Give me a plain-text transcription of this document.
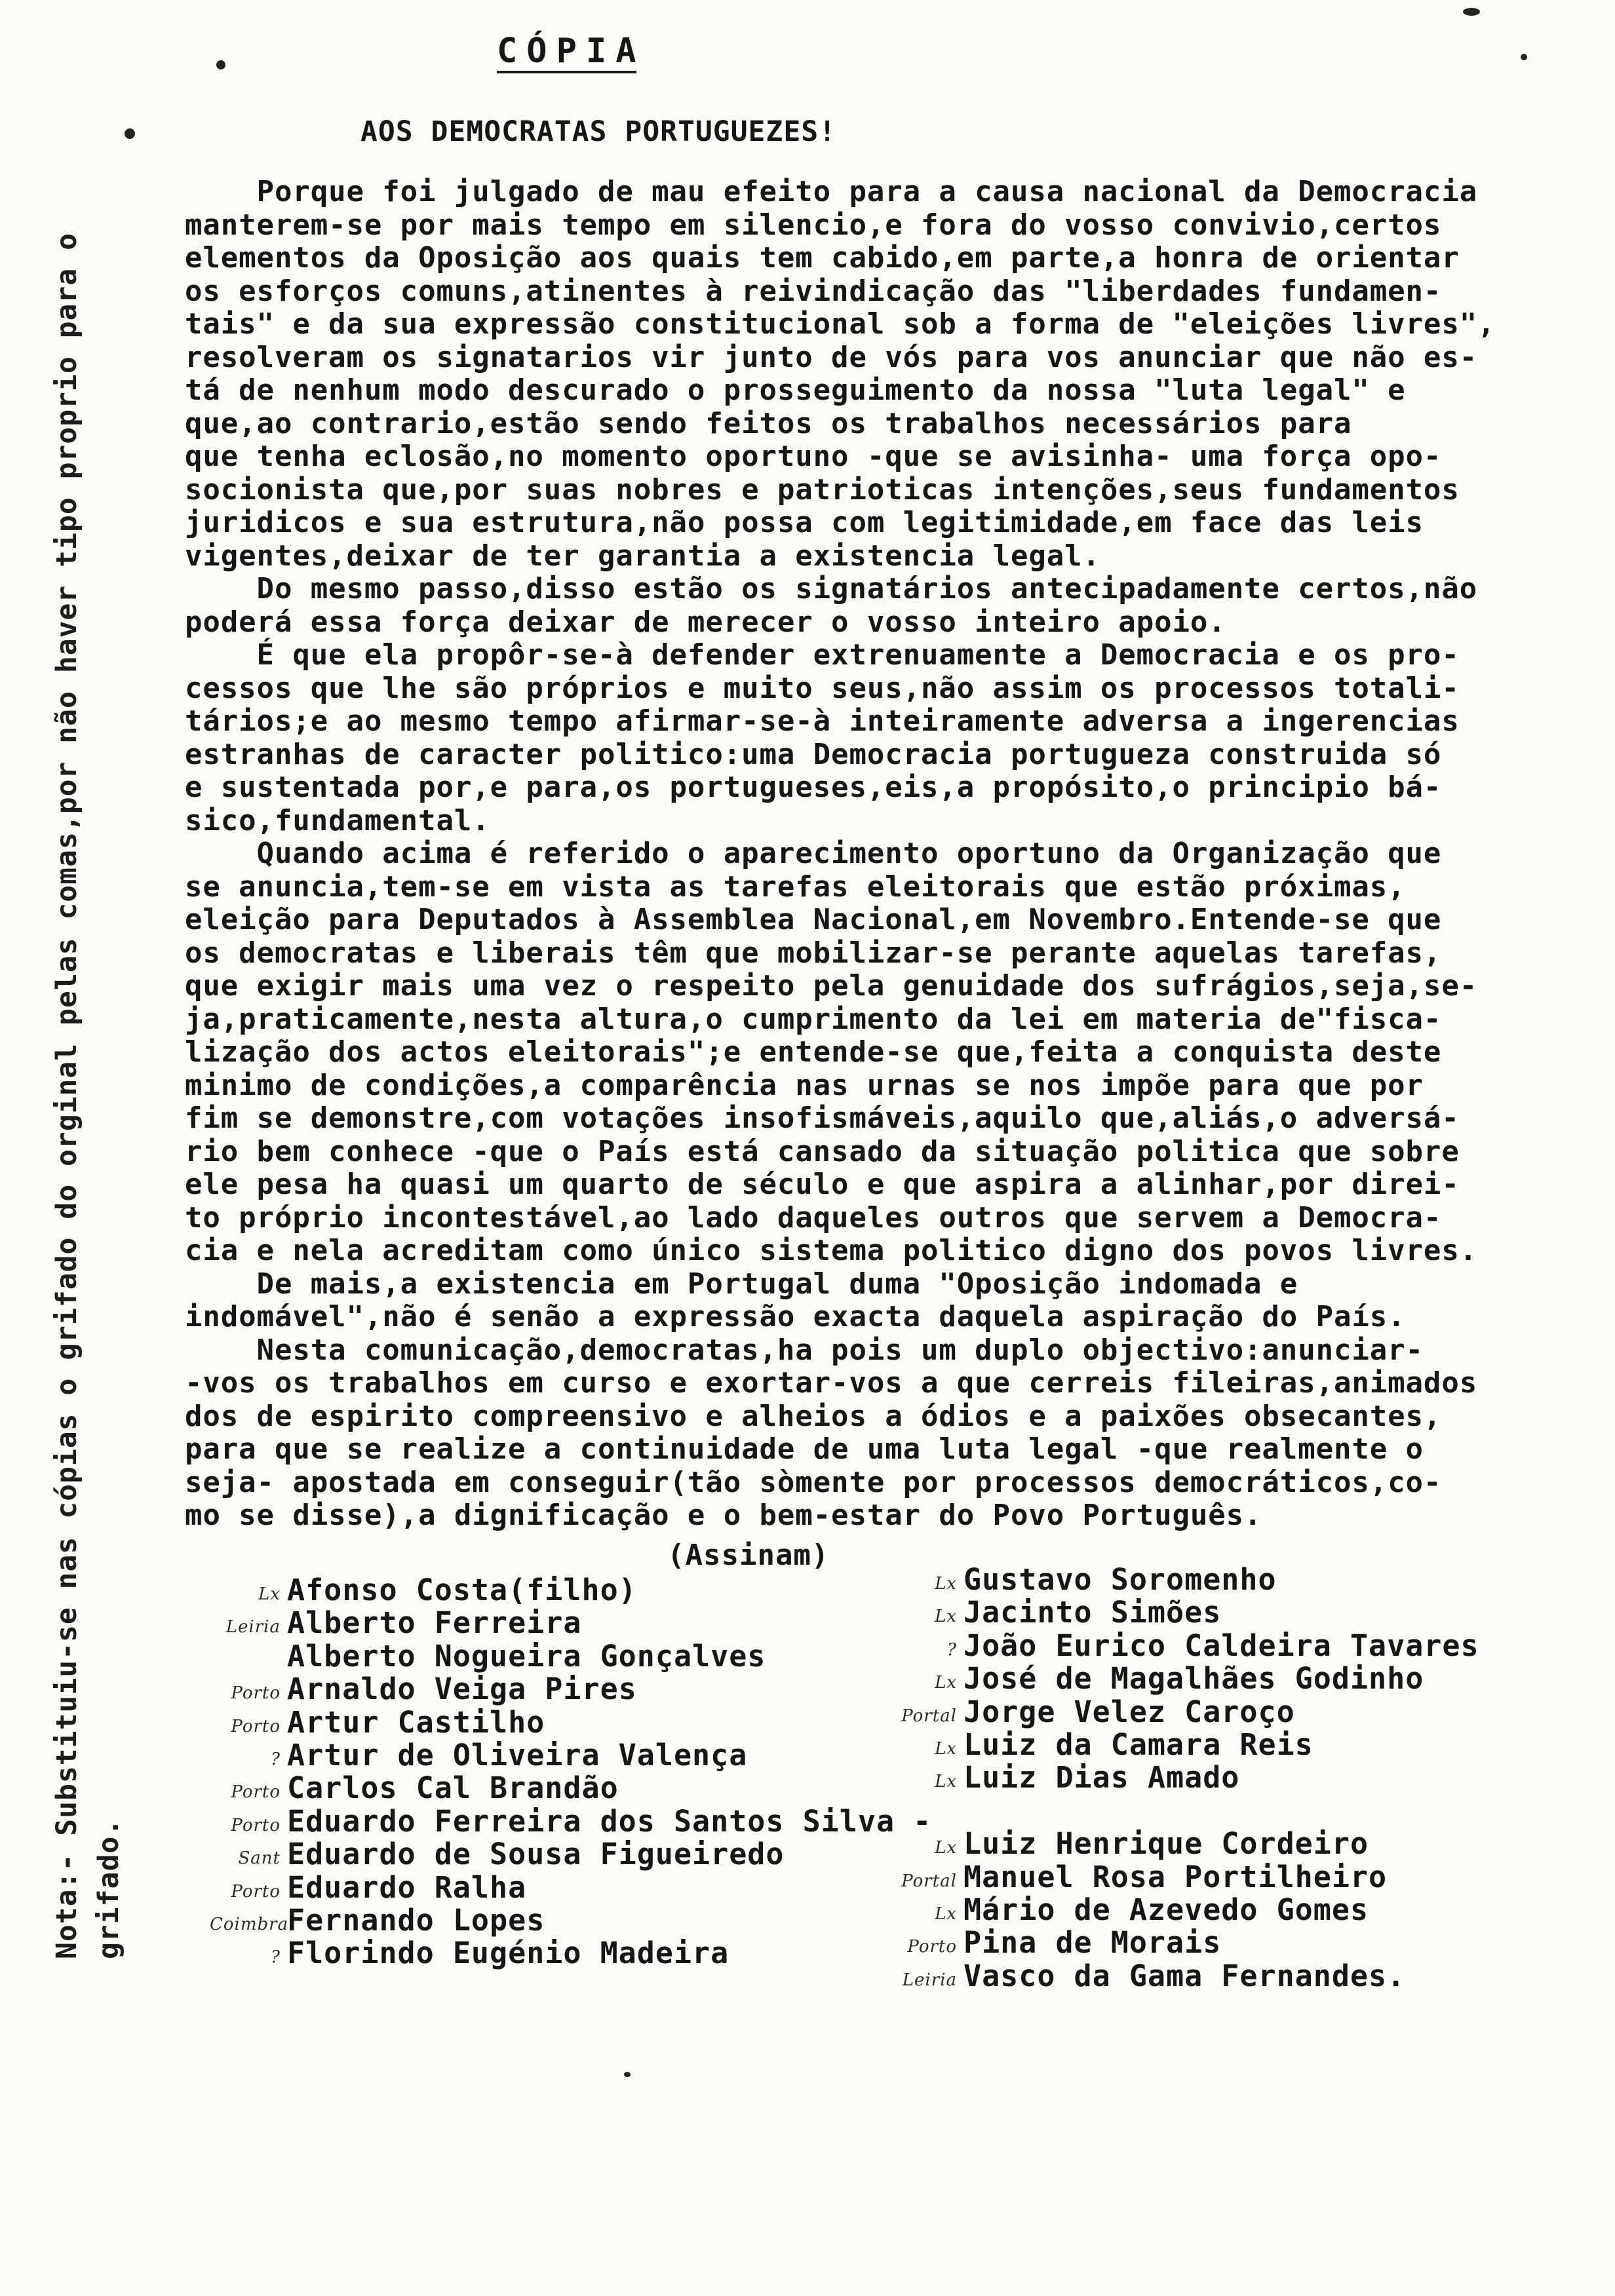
Nota:- Substituiu-se nas cópias o grifado do orginal pelas comas,por não haver tipo proprio para o grifado.
CÓPIA
AOS DEMOCRATAS PORTUGUEZES!
Porque foi julgado de mau efeito para a causa nacional da Democracia
manterem-se por mais tempo em silencio,e fora do vosso convivio,certos
elementos da Oposição aos quais tem cabido,em parte,a honra de orientar
os esforços comuns,atinentes à reivindicação das "liberdades fundamen-
tais" e da sua expressão constitucional sob a forma de "eleições livres",
resolveram os signatarios vir junto de vós para vos anunciar que não es-
tá de nenhum modo descurado o prosseguimento da nossa "luta legal" e
que,ao contrario,estão sendo feitos os trabalhos necessários para
que tenha eclosão,no momento oportuno -que se avisinha- uma força opo-
socionista que,por suas nobres e patrioticas intenções,seus fundamentos
juridicos e sua estrutura,não possa com legitimidade,em face das leis
vigentes,deixar de ter garantia a existencia legal.
Do mesmo passo,disso estão os signatários antecipadamente certos,não
poderá essa força deixar de merecer o vosso inteiro apoio.
É que ela propôr-se-à defender extrenuamente a Democracia e os pro-
cessos que lhe são próprios e muito seus,não assim os processos totali-
tários;e ao mesmo tempo afirmar-se-à inteiramente adversa a ingerencias
estranhas de caracter politico:uma Democracia portugueza construida só
e sustentada por,e para,os portugueses,eis,a propósito,o principio bá-
sico,fundamental.
Quando acima é referido o aparecimento oportuno da Organização que
se anuncia,tem-se em vista as tarefas eleitorais que estão próximas,
eleição para Deputados à Assemblea Nacional,em Novembro.Entende-se que
os democratas e liberais têm que mobilizar-se perante aquelas tarefas,
que exigir mais uma vez o respeito pela genuidade dos sufrágios,seja,se-
ja,praticamente,nesta altura,o cumprimento da lei em materia de"fisca-
lização dos actos eleitorais";e entende-se que,feita a conquista deste
minimo de condições,a comparência nas urnas se nos impõe para que por
fim se demonstre,com votações insofismáveis,aquilo que,aliás,o adversá-
rio bem conhece -que o País está cansado da situação politica que sobre
ele pesa ha quasi um quarto de século e que aspira a alinhar,por direi-
to próprio incontestável,ao lado daqueles outros que servem a Democra-
cia e nela acreditam como único sistema politico digno dos povos livres.
De mais,a existencia em Portugal duma "Oposição indomada e
indomável",não é senão a expressão exacta daquela aspiração do País.
Nesta comunicação,democratas,ha pois um duplo objectivo:anunciar-
-vos os trabalhos em curso e exortar-vos a que cerreis fileiras,animados
dos de espirito compreensivo e alheios a ódios e a paixões obsecantes,
para que se realize a continuidade de uma luta legal -que realmente o
seja- apostada em conseguir(tão sòmente por processos democráticos,co-
mo se disse),a dignificação e o bem-estar do Povo Português.
(Assinam)
Lx Afonso Costa(filho)
Leiria Alberto Ferreira
Alberto Nogueira Gonçalves
Porto Arnaldo Veiga Pires
Porto Artur Castilho
? Artur de Oliveira Valença
Porto Carlos Cal Brandão
Porto Eduardo Ferreira dos Santos Silva -
Sant Eduardo de Sousa Figueiredo
Porto Eduardo Ralha
Coimbra
Fernando Lopes
? Florindo Eugénio Madeira
Lx Gustavo Soromenho
Lx Jacinto Simões
? João Eurico Caldeira Tavares
Lx José de Magalhães Godinho
Portal Jorge Velez Caroço
Lx Luiz da Camara Reis
Lx Luiz Dias Amado
Lx Luiz Henrique Cordeiro
Portal Manuel Rosa Portilheiro
Lx Mário de Azevedo Gomes
Porto Pina de Morais
Leiria Vasco da Gama Fernandes.
